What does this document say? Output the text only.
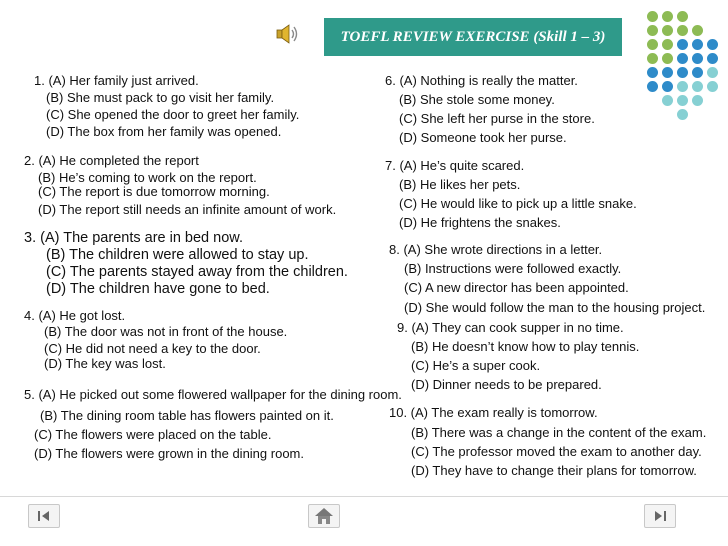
TOEFL REVIEW EXERCISE (Skill 1 – 3)
1. (A) Her family just arrived.
(B) She must pack to go visit her family.
(C) She opened the door to greet her family.
(D) The box from her family was opened.
2. (A) He completed the report
(B) He’s coming to work on the report.
(C) The report is due tomorrow morning.
(D) The report still needs an infinite amount of work.
3. (A) The parents are in bed now.
(B) The children were allowed to stay up.
(C) The parents stayed away from the children.
(D) The children have gone to bed.
4. (A) He got lost.
(B) The door was not in front of the house.
(C) He did not need a key to the door.
(D) The key was lost.
5. (A) He picked out some flowered wallpaper for the dining room.
(B) The dining room table has flowers painted on it.
(C) The flowers were placed on the table.
(D) The flowers were grown in the dining room.
6. (A) Nothing is really the matter.
(B) She stole some money.
(C) She left her purse in the store.
(D) Someone took her purse.
7. (A) He’s quite scared.
(B) He likes her pets.
(C) He would like to pick up a little snake.
(D) He frightens the snakes.
8. (A) She wrote directions in a letter.
(B) Instructions were followed exactly.
(C) A new director has been appointed.
(D) She would follow the man to the housing project.
9. (A) They can cook supper in no time.
(B) He doesn’t know how to play tennis.
(C) He’s a super cook.
(D) Dinner needs to be prepared.
10. (A) The exam really is tomorrow.
(B) There was a change in the content of the exam.
(C) The professor moved the exam to another day.
(D) They have to change their plans for tomorrow.
